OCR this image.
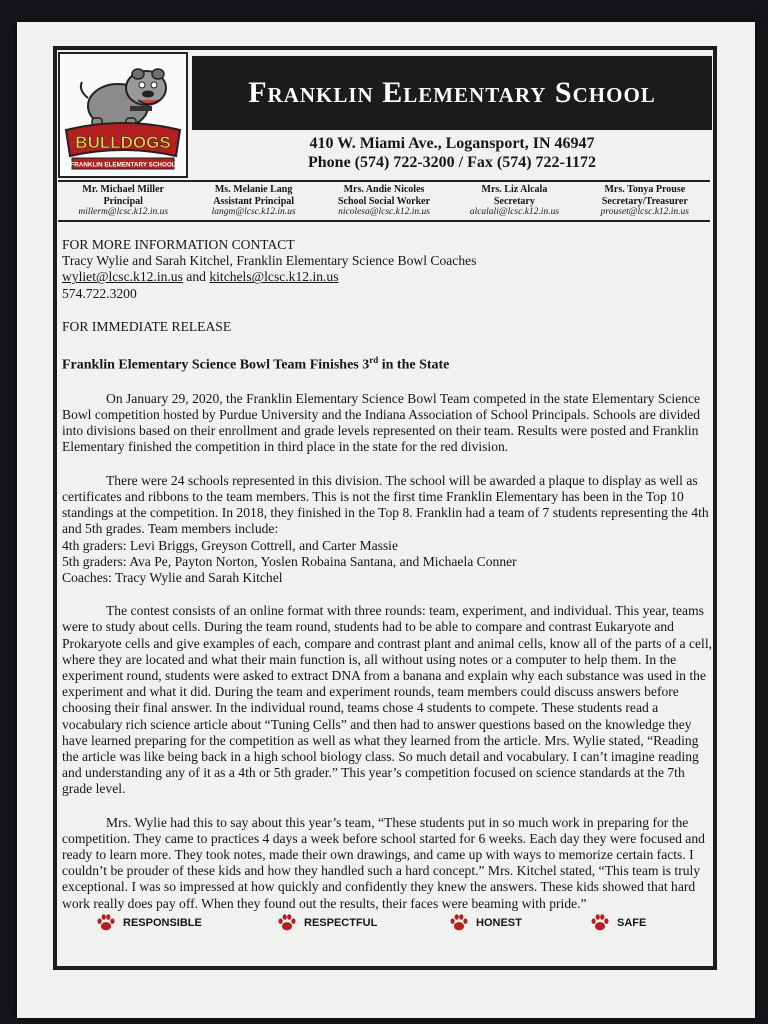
BULLDOGS
FRANKLIN ELEMENTARY SCHOOL
Franklin Elementary School
410 W. Miami Ave., Logansport, IN 46947
Phone (574) 722-3200 / Fax (574) 722-1172
Mr. Michael Miller
Principal
millerm@lcsc.k12.in.us
Ms. Melanie Lang
Assistant Principal
langm@lcsc.k12.in.us
Mrs. Andie Nicoles
School Social Worker
nicolesa@lcsc.k12.in.us
Mrs. Liz Alcala
Secretary
alcalali@lcsc.k12.in.us
Mrs. Tonya Prouse
Secretary/Treasurer
prouset@lcsc.k12.in.us

FOR MORE INFORMATION CONTACT

Tracy Wylie and Sarah Kitchel, Franklin Elementary Science Bowl Coaches

wyliet@lcsc.k12.in.us and kitchels@lcsc.k12.in.us

574.722.3200

FOR IMMEDIATE RELEASE

Franklin Elementary Science Bowl Team Finishes 3rd in the State

On January 29, 2020, the Franklin Elementary Science Bowl Team competed in the state Elementary Science Bowl competition hosted by Purdue University and the Indiana Association of School Principals. Schools are divided into divisions based on their enrollment and grade levels represented on their team. Results were posted and Franklin Elementary finished the competition in third place in the state for the red division.

There were 24 schools represented in this division. The school will be awarded a plaque to display as well as certificates and ribbons to the team members. This is not the first time Franklin Elementary has been in the Top 10 standings at the competition. In 2018, they finished in the Top 8. Franklin had a team of 7 students representing the 4th and 5th grades. Team members include:

4th graders: Levi Briggs, Greyson Cottrell, and Carter Massie

5th graders: Ava Pe, Payton Norton, Yoslen Robaina Santana, and Michaela Conner

Coaches: Tracy Wylie and Sarah Kitchel

The contest consists of an online format with three rounds: team, experiment, and individual. This year, teams were to study about cells. During the team round, students had to be able to compare and contrast Eukaryote and Prokaryote cells and give examples of each, compare and contrast plant and animal cells, know all of the parts of a cell, where they are located and what their main function is, all without using notes or a computer to help them. In the experiment round, students were asked to extract DNA from a banana and explain why each substance was used in the experiment and what it did. During the team and experiment rounds, team members could discuss answers before choosing their final answer. In the individual round, teams chose 4 students to compete. These students read a vocabulary rich science article about “Tuning Cells” and then had to answer questions based on the knowledge they have learned preparing for the competition as well as what they learned from the article. Mrs. Wylie stated, “Reading the article was like being back in a high school biology class. So much detail and vocabulary. I can’t imagine reading and understanding any of it as a 4th or 5th grader.” This year’s competition focused on science standards at the 7th grade level.

Mrs. Wylie had this to say about this year’s team, “These students put in so much work in preparing for the competition. They came to practices 4 days a week before school started for 6 weeks. Each day they were focused and ready to learn more. They took notes, made their own drawings, and came up with ways to memorize certain facts. I couldn’t be prouder of these kids and how they handled such a hard concept.” Mrs. Kitchel stated, “This team is truly exceptional. I was so impressed at how quickly and confidently they knew the answers. These kids showed that hard work really does pay off. When they found out the results, their faces were beaming with pride.”

RESPONSIBLE	RESPECTFUL	HONEST	SAFE
